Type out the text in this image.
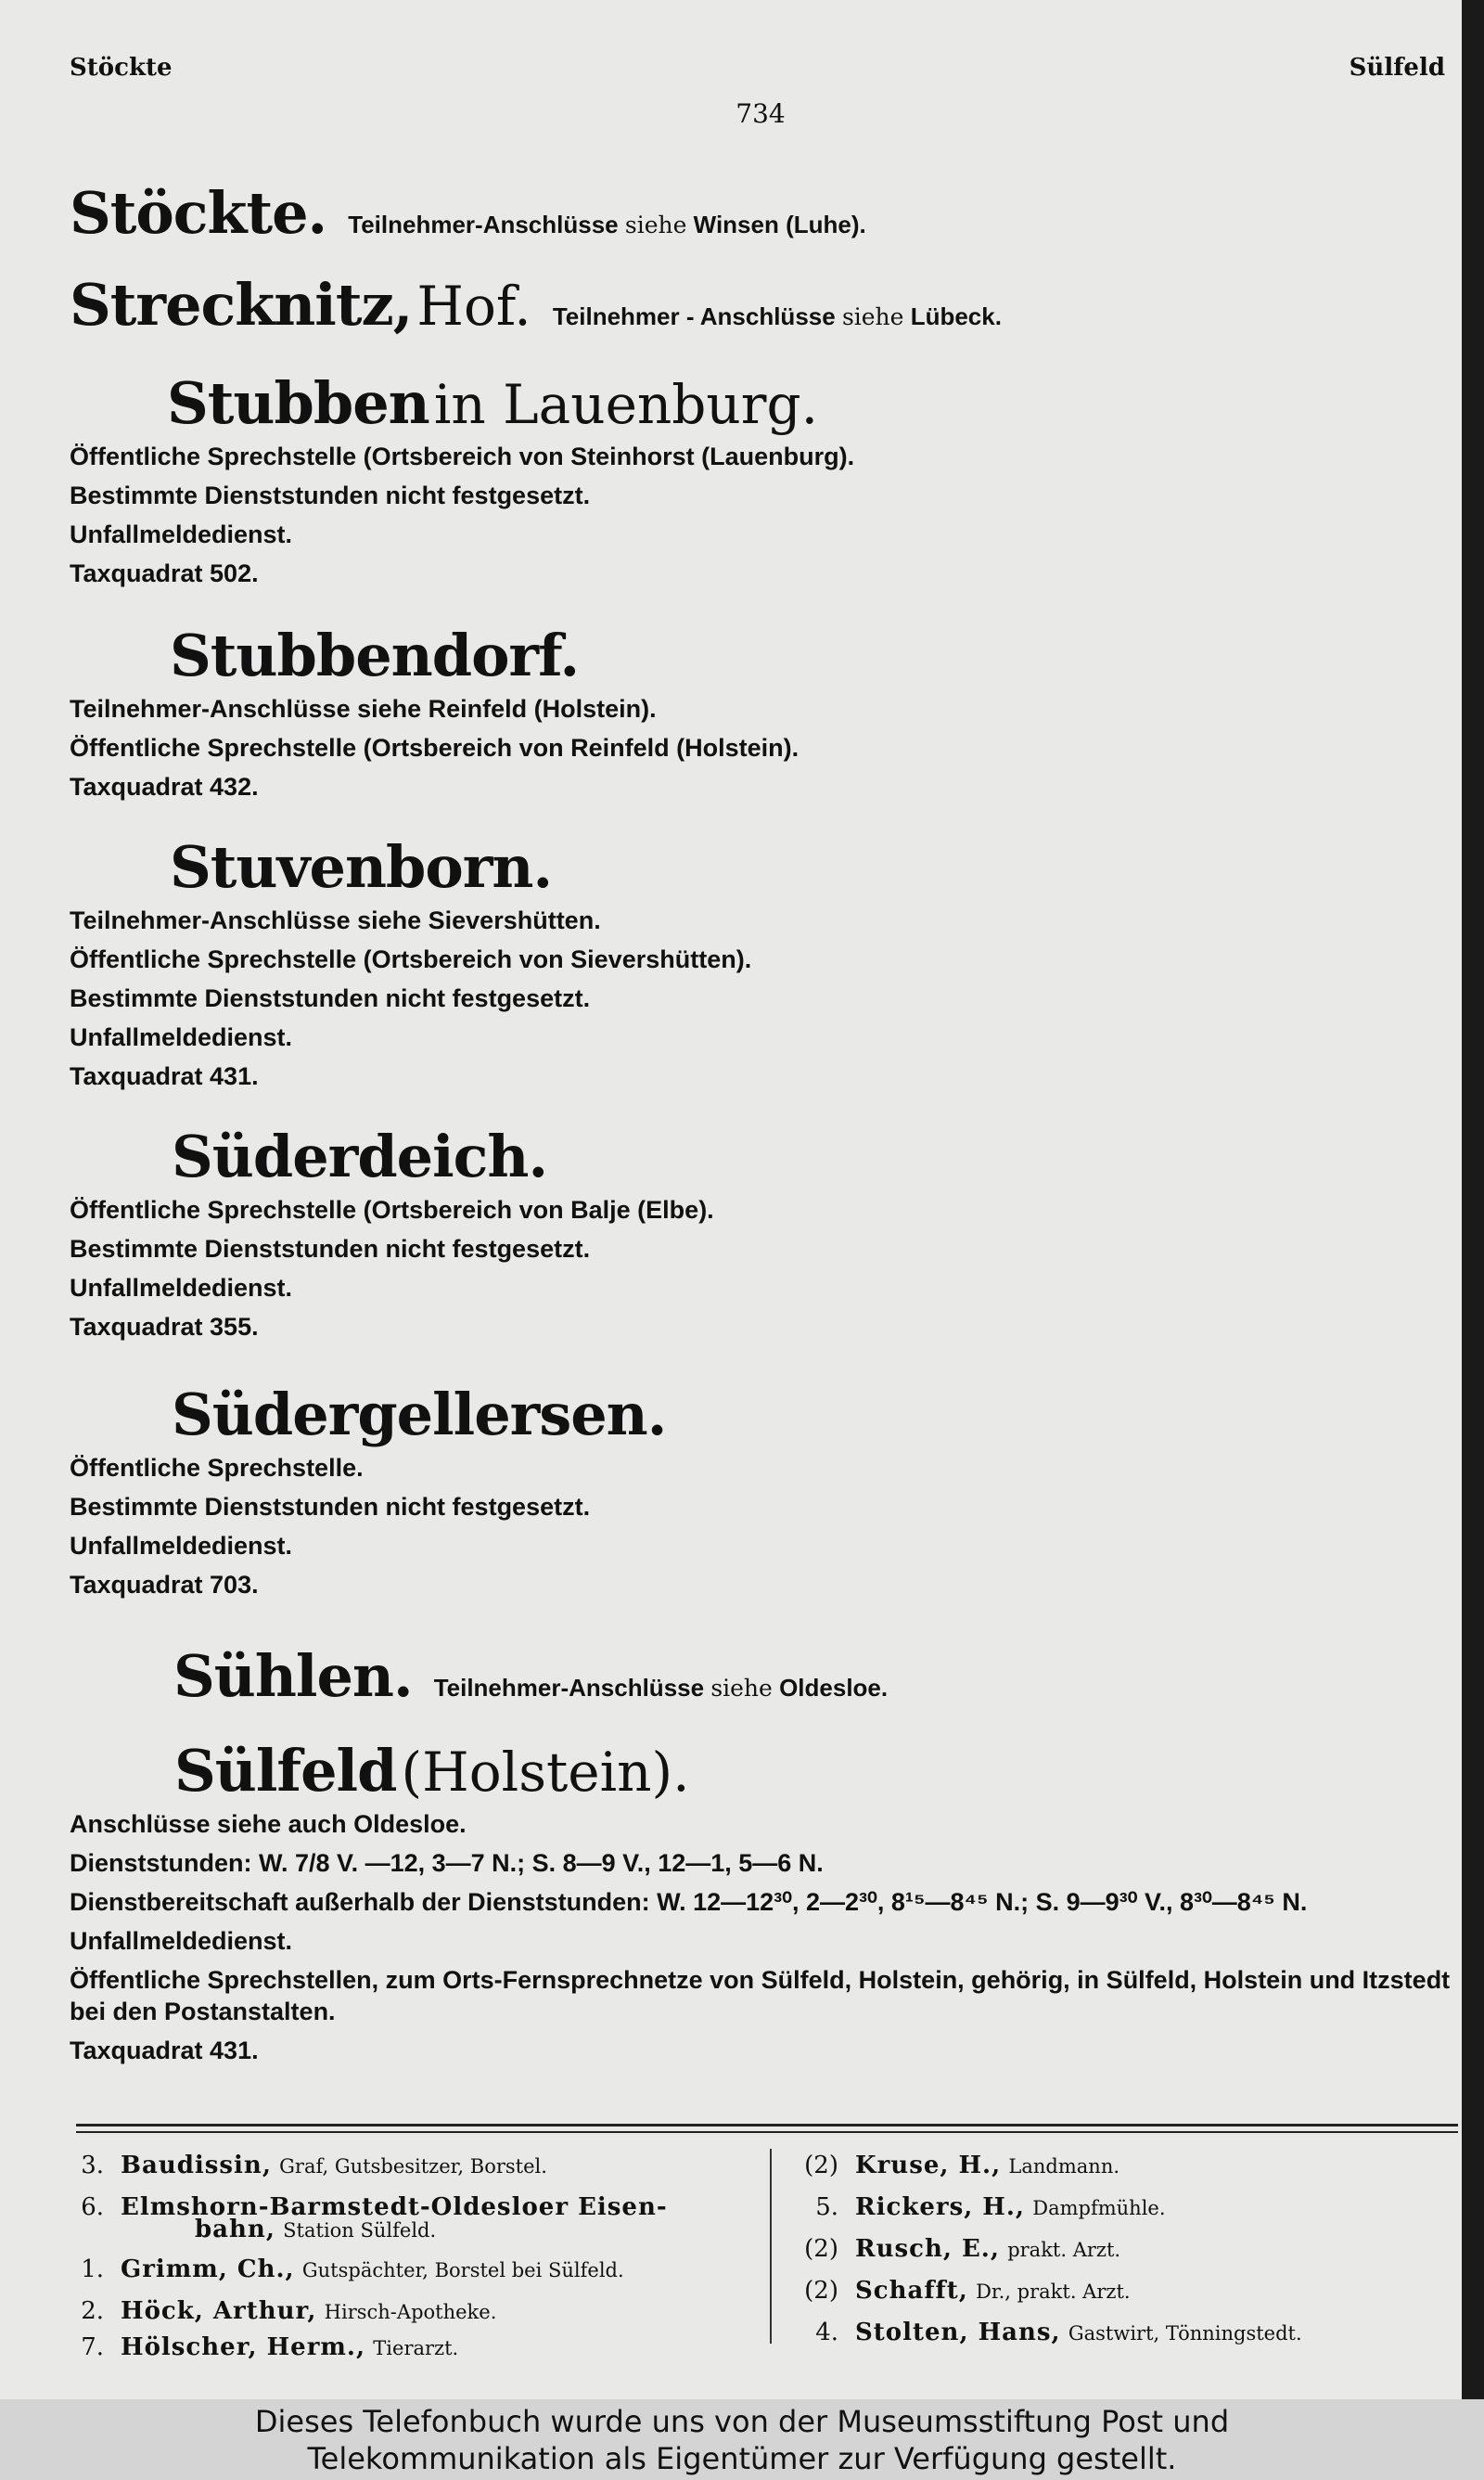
Stöckte	Sülfeld
734
Stöckte. Teilnehmer-Anschlüsse siehe Winsen (Luhe).
Strecknitz, Hof. Teilnehmer - Anschlüsse siehe Lübeck.
Stubben in Lauenburg.
Öffentliche Sprechstelle (Ortsbereich von Steinhorst (Lauenburg).
Bestimmte Dienststunden nicht festgesetzt.
Unfallmeldedienst.
Taxquadrat 502.
Stubbendorf.
Teilnehmer-Anschlüsse siehe Reinfeld (Holstein).
Öffentliche Sprechstelle (Ortsbereich von Reinfeld (Holstein).
Taxquadrat 432.
Stuvenborn.
Teilnehmer-Anschlüsse siehe Sievershütten.
Öffentliche Sprechstelle (Ortsbereich von Sievershütten).
Bestimmte Dienststunden nicht festgesetzt.
Unfallmeldedienst.
Taxquadrat 431.
Süderdeich.
Öffentliche Sprechstelle (Ortsbereich von Balje (Elbe).
Bestimmte Dienststunden nicht festgesetzt.
Unfallmeldedienst.
Taxquadrat 355.
Südergellersen.
Öffentliche Sprechstelle.
Bestimmte Dienststunden nicht festgesetzt.
Unfallmeldedienst.
Taxquadrat 703.
Sühlen. Teilnehmer-Anschlüsse siehe Oldesloe.
Sülfeld (Holstein).
Anschlüsse siehe auch Oldesloe.
Dienststunden: W. 7/8 V. —12, 3—7 N.; S. 8—9 V., 12—1, 5—6 N.
Dienstbereitschaft außerhalb der Dienststunden: W. 12—12³⁰, 2—2³⁰, 8¹⁵—8⁴⁵ N.; S. 9—9³⁰ V., 8³⁰—8⁴⁵ N.
Unfallmeldedienst.
Öffentliche Sprechstellen, zum Orts-Fernsprechnetze von Sülfeld, Holstein, gehörig, in Sülfeld, Holstein und Itzstedt bei den Postanstalten.
Taxquadrat 431.
3. Baudissin, Graf, Gutsbesitzer, Borstel.
6. Elmshorn-Barmstedt-Oldesloer Eisen-
bahn, Station Sülfeld.
1. Grimm, Ch., Gutspächter, Borstel bei Sülfeld.
2. Höck, Arthur, Hirsch-Apotheke.
7. Hölscher, Herm., Tierarzt.
(2) Kruse, H., Landmann.
5. Rickers, H., Dampfmühle.
(2) Rusch, E., prakt. Arzt.
(2) Schafft, Dr., prakt. Arzt.
4. Stolten, Hans, Gastwirt, Tönningstedt.
Dieses Telefonbuch wurde uns von der Museumsstiftung Post und
Telekommunikation als Eigentümer zur Verfügung gestellt.
